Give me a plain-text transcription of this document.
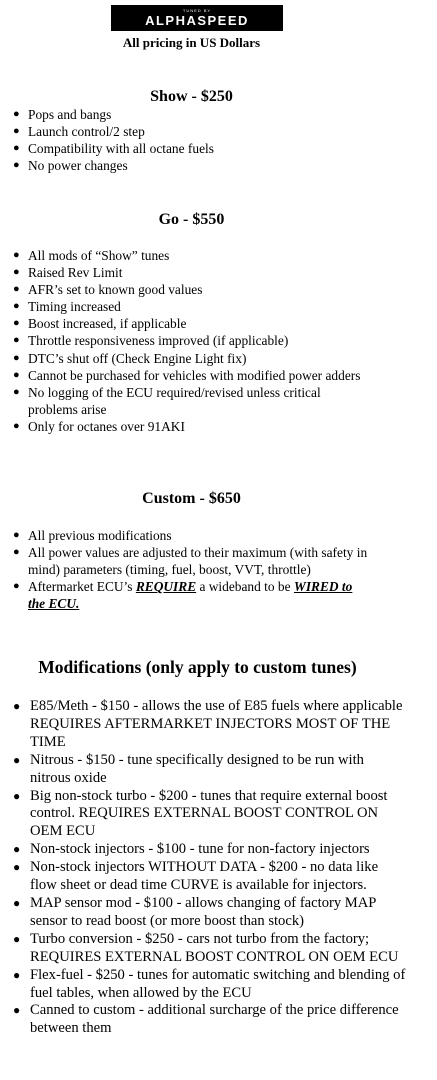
TUNED BY
ALPHASPEED
All pricing in US Dollars
Show - $250
● Pops and bangs
● Launch control/2 step
● Compatibility with all octane fuels
● No power changes
Go - $550
● All mods of “Show” tunes
● Raised Rev Limit
● AFR’s set to known good values
● Timing increased
● Boost increased, if applicable
● Throttle responsiveness improved (if applicable)
● DTC’s shut off (Check Engine Light fix)
● Cannot be purchased for vehicles with modified power adders
● No logging of the ECU required/revised unless critical problems arise
● Only for octanes over 91AKI
Custom - $650
● All previous modifications
● All power values are adjusted to their maximum (with safety in mind) parameters (timing, fuel, boost, VVT, throttle)
● Aftermarket ECU’s REQUIRE a wideband to be WIRED to the ECU.
Modifications (only apply to custom tunes)
● E85/Meth - $150 - allows the use of E85 fuels where applicable REQUIRES AFTERMARKET INJECTORS MOST OF THE TIME
● Nitrous - $150 - tune specifically designed to be run with nitrous oxide
● Big non-stock turbo - $200 - tunes that require external boost control. REQUIRES EXTERNAL BOOST CONTROL ON OEM ECU
● Non-stock injectors - $100 - tune for non-factory injectors
● Non-stock injectors WITHOUT DATA - $200 - no data like flow sheet or dead time CURVE is available for injectors.
● MAP sensor mod - $100 - allows changing of factory MAP sensor to read boost (or more boost than stock)
● Turbo conversion - $250 - cars not turbo from the factory; REQUIRES EXTERNAL BOOST CONTROL ON OEM ECU
● Flex-fuel - $250 - tunes for automatic switching and blending of fuel tables, when allowed by the ECU
● Canned to custom - additional surcharge of the price difference between them
